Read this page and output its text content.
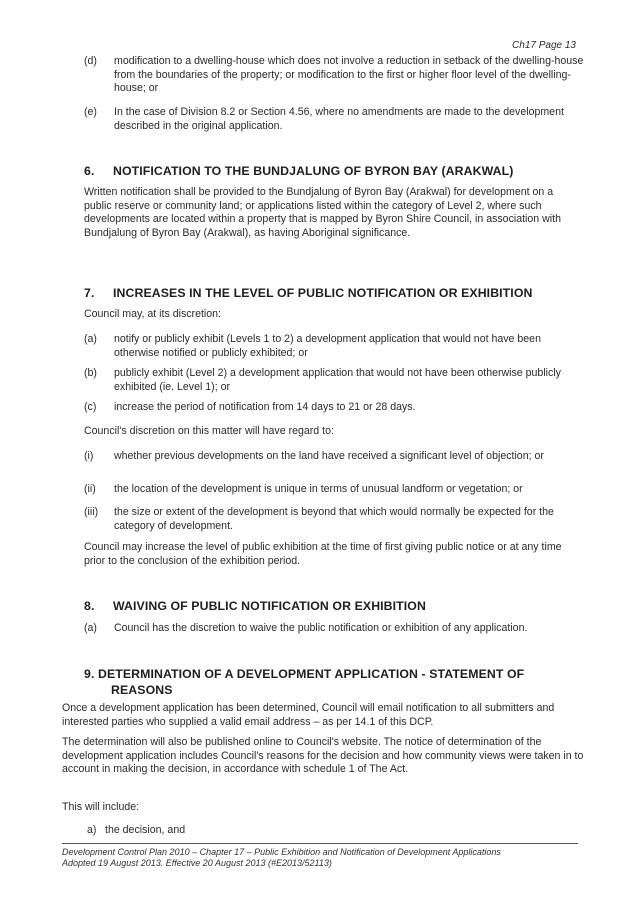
Ch17 Page 13
(d)	modification to a dwelling-house which does not involve a reduction in setback of the dwelling-house from the boundaries of the property; or modification to the first or higher floor level of the dwelling-house; or
(e)	In the case of Division 8.2 or Section 4.56, where no amendments are made to the development described in the original application.
6. NOTIFICATION TO THE BUNDJALUNG OF BYRON BAY (ARAKWAL)
Written notification shall be provided to the Bundjalung of Byron Bay (Arakwal) for development on a public reserve or community land; or applications listed within the category of Level 2, where such developments are located within a property that is mapped by Byron Shire Council, in association with Bundjalung of Byron Bay (Arakwal), as having Aboriginal significance.
7. INCREASES IN THE LEVEL OF PUBLIC NOTIFICATION OR EXHIBITION
Council may, at its discretion:
(a)	notify or publicly exhibit (Levels 1 to 2) a development application that would not have been otherwise notified or publicly exhibited; or
(b)	publicly exhibit (Level 2) a development application that would not have been otherwise publicly exhibited (ie. Level 1); or
(c)	increase the period of notification from 14 days to 21 or 28 days.
Council's discretion on this matter will have regard to:
(i)	whether previous developments on the land have received a significant level of objection; or
(ii)	the location of the development is unique in terms of unusual landform or vegetation; or
(iii)	the size or extent of the development is beyond that which would normally be expected for the category of development.
Council may increase the level of public exhibition at the time of first giving public notice or at any time prior to the conclusion of the exhibition period.
8. WAIVING OF PUBLIC NOTIFICATION OR EXHIBITION
(a)	Council has the discretion to waive the public notification or exhibition of any application.
9. DETERMINATION OF A DEVELOPMENT APPLICATION - STATEMENT OF
REASONS
Once a development application has been determined, Council will email notification to all submitters and interested parties who supplied a valid email address – as per 14.1 of this DCP.
The determination will also be published online to Council's website. The notice of determination of the development application includes Council's reasons for the decision and how community views were taken in to account in making the decision, in accordance with schedule 1 of The Act.
This will include:
a) the decision, and
Development Control Plan 2010 – Chapter 17 – Public Exhibition and Notification of Development Applications
Adopted 19 August 2013. Effective 20 August 2013 (#E2013/52113)
